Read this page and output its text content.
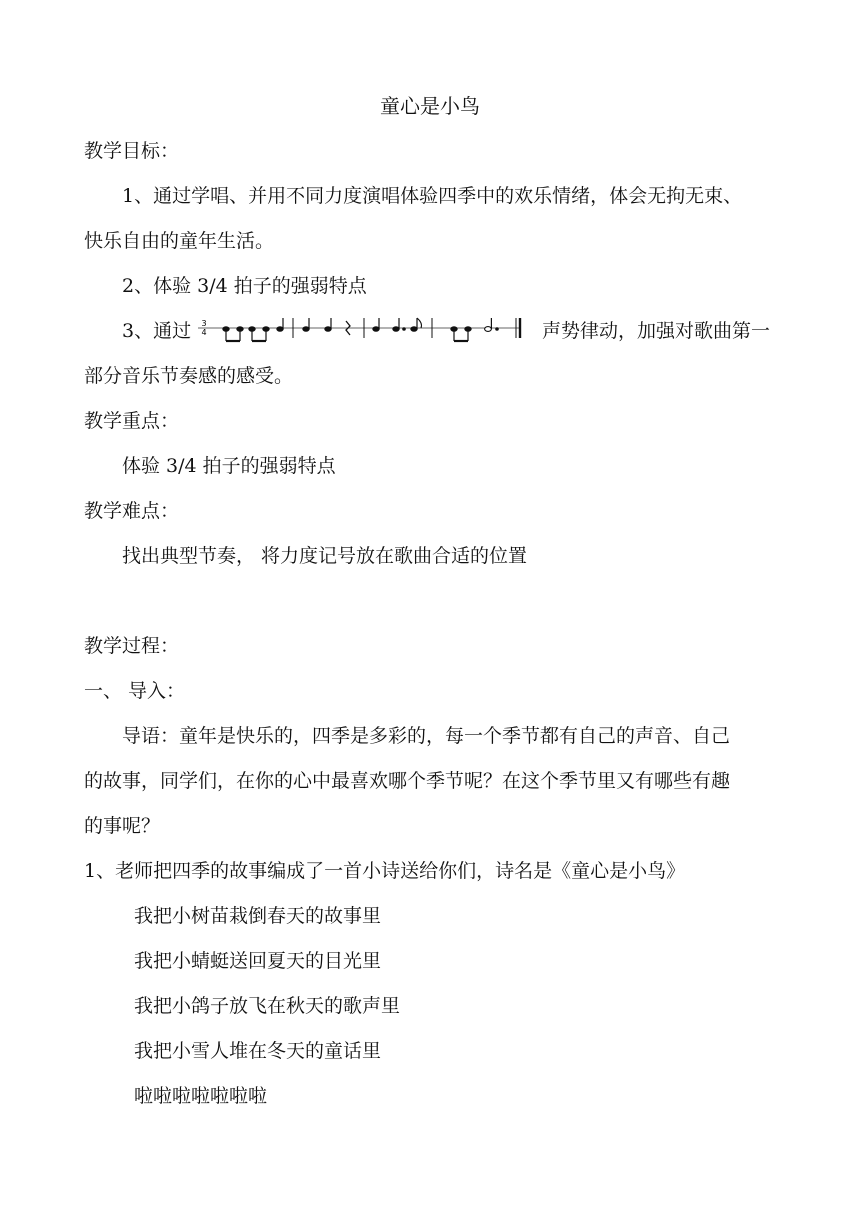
童心是小鸟
教学目标：
1、通过学唱、并用不同力度演唱体验四季中的欢乐情绪，体会无拘无束、
快乐自由的童年生活。
2、体验 3/4 拍子的强弱特点
3、通过 3
4	声势律动，加强对歌曲第一
部分音乐节奏感的感受。
教学重点：
体验 3/4 拍子的强弱特点
教学难点：
找出典型节奏， 将力度记号放在歌曲合适的位置
教学过程：
一、 导入：
导语：童年是快乐的，四季是多彩的，每一个季节都有自己的声音、自己
的故事，同学们，在你的心中最喜欢哪个季节呢？在这个季节里又有哪些有趣
的事呢？
1、老师把四季的故事编成了一首小诗送给你们，诗名是《童心是小鸟》
我把小树苗栽倒春天的故事里
我把小蜻蜓送回夏天的目光里
我把小鸽子放飞在秋天的歌声里
我把小雪人堆在冬天的童话里
啦啦啦啦啦啦啦
